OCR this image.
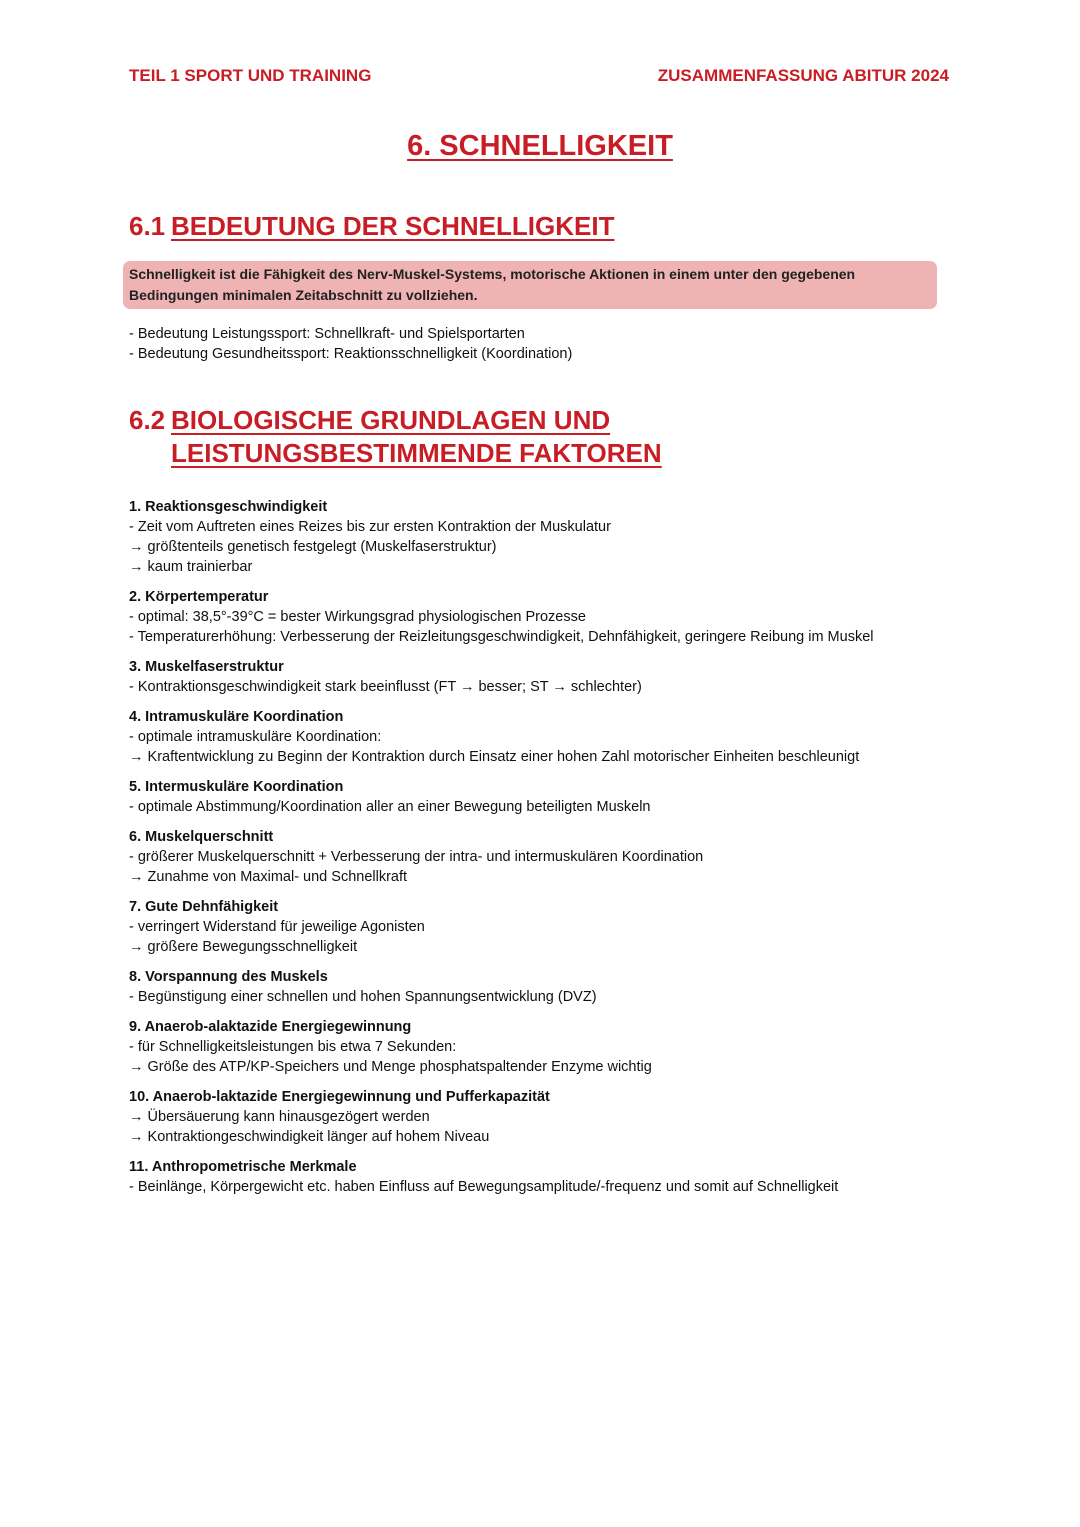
TEIL 1 SPORT UND TRAINING	ZUSAMMENFASSUNG ABITUR 2024
6. SCHNELLIGKEIT
6.1 BEDEUTUNG DER SCHNELLIGKEIT
Schnelligkeit ist die Fähigkeit des Nerv-Muskel-Systems, motorische Aktionen in einem unter den gegebenen Bedingungen minimalen Zeitabschnitt zu vollziehen.
- Bedeutung Leistungssport: Schnellkraft- und Spielsportarten
- Bedeutung Gesundheitssport: Reaktionsschnelligkeit (Koordination)
6.2 BIOLOGISCHE GRUNDLAGEN UND LEISTUNGSBESTIMMENDE FAKTOREN
1. Reaktionsgeschwindigkeit
- Zeit vom Auftreten eines Reizes bis zur ersten Kontraktion der Muskulatur
→ größtenteils genetisch festgelegt (Muskelfaserstruktur)
→ kaum trainierbar
2. Körpertemperatur
- optimal: 38,5°-39°C = bester Wirkungsgrad physiologischen Prozesse
- Temperaturerhöhung: Verbesserung der Reizleitungsgeschwindigkeit, Dehnfähigkeit, geringere Reibung im Muskel
3. Muskelfaserstruktur
- Kontraktionsgeschwindigkeit stark beeinflusst (FT → besser; ST → schlechter)
4. Intramuskuläre Koordination
- optimale intramuskuläre Koordination:
→ Kraftentwicklung zu Beginn der Kontraktion durch Einsatz einer hohen Zahl motorischer Einheiten beschleunigt
5. Intermuskuläre Koordination
- optimale Abstimmung/Koordination aller an einer Bewegung beteiligten Muskeln
6. Muskelquerschnitt
- größerer Muskelquerschnitt + Verbesserung der intra- und intermuskulären Koordination
→ Zunahme von Maximal- und Schnellkraft
7. Gute Dehnfähigkeit
- verringert Widerstand für jeweilige Agonisten
→ größere Bewegungsschnelligkeit
8. Vorspannung des Muskels
- Begünstigung einer schnellen und hohen Spannungsentwicklung (DVZ)
9. Anaerob-alaktazide Energiegewinnung
- für Schnelligkeitsleistungen bis etwa 7 Sekunden:
→ Größe des ATP/KP-Speichers und Menge phosphatspaltender Enzyme wichtig
10. Anaerob-laktazide Energiegewinnung und Pufferkapazität
→ Übersäuerung kann hinausgezögert werden
→ Kontraktiongeschwindigkeit länger auf hohem Niveau
11. Anthropometrische Merkmale
- Beinlänge, Körpergewicht etc. haben Einfluss auf Bewegungsamplitude/-frequenz und somit auf Schnelligkeit
